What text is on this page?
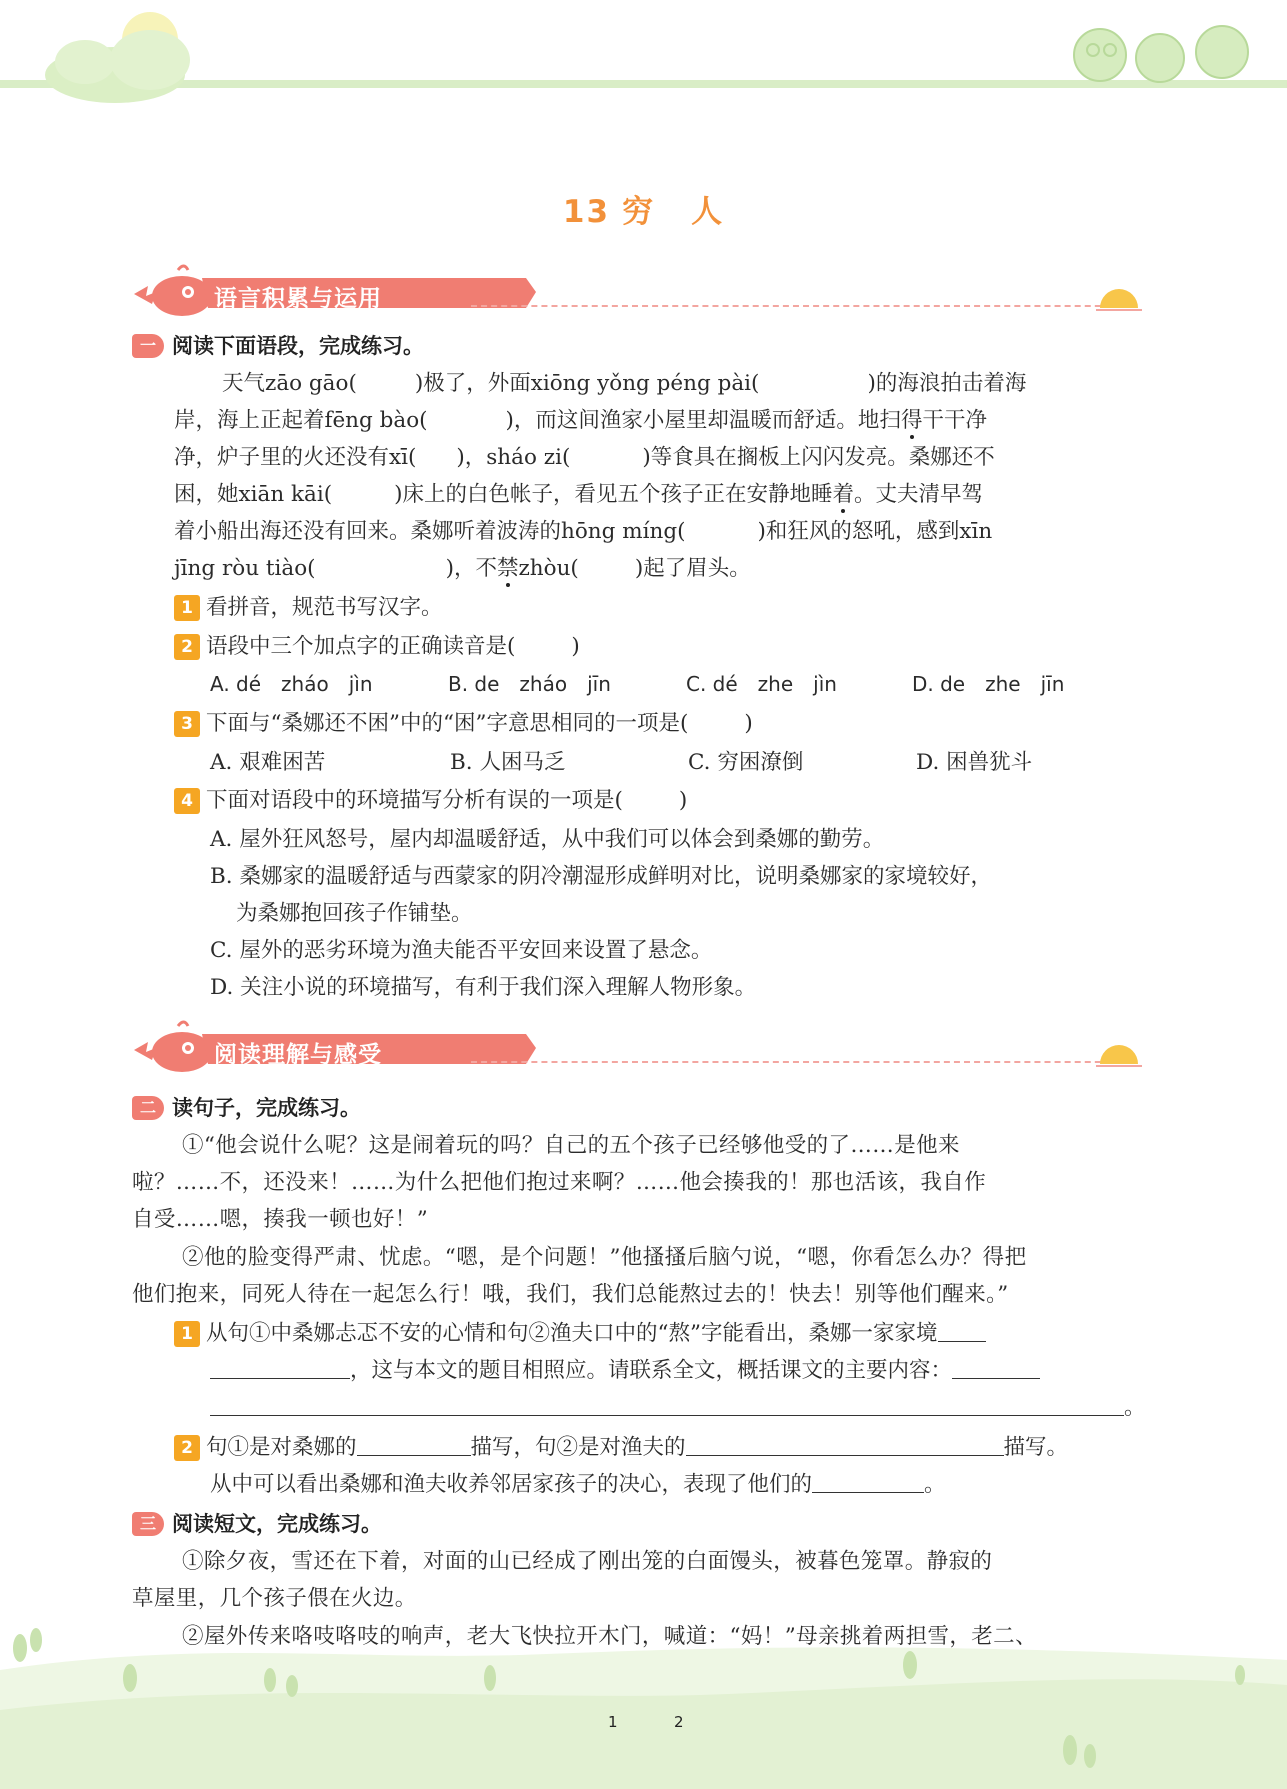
13 穷 人
语言积累与运用
一 阅读下面语段，完成练习。
天气zāo gāo(	)极了，外面xiōng yǒng péng pài(	)的海浪拍击着海
岸，海上正起着fēng bào(	)，而这间渔家小屋里却温暖而舒适。地扫得干干净
净，炉子里的火还没有xī( )，sháo zi(	)等食具在搁板上闪闪发亮。桑娜还不
困，她xiān kāi(	)床上的白色帐子，看见五个孩子正在安静地睡着。丈夫清早驾
着小船出海还没有回来。桑娜听着波涛的hōng míng(	)和狂风的怒吼，感到xīn
jīng ròu tiào(	)，不禁zhòu(	)起了眉头。
1 看拼音，规范书写汉字。
2 语段中三个加点字的正确读音是(	)
A. dé　zháo　jìn	B. de　zháo　jīn	C. dé　zhe　jìn	D. de　zhe　jīn
3 下面与“桑娜还不困”中的“困”字意思相同的一项是(	)
A. 艰难困苦	B. 人困马乏	C. 穷困潦倒	D. 困兽犹斗
4 下面对语段中的环境描写分析有误的一项是(	)
A. 屋外狂风怒号，屋内却温暖舒适，从中我们可以体会到桑娜的勤劳。
B. 桑娜家的温暖舒适与西蒙家的阴冷潮湿形成鲜明对比，说明桑娜家的家境较好，
为桑娜抱回孩子作铺垫。
C. 屋外的恶劣环境为渔夫能否平安回来设置了悬念。
D. 关注小说的环境描写，有利于我们深入理解人物形象。
阅读理解与感受
二 读句子，完成练习。
①“他会说什么呢？这是闹着玩的吗？自己的五个孩子已经够他受的了……是他来
啦？……不，还没来！……为什么把他们抱过来啊？……他会揍我的！那也活该，我自作
自受……嗯，揍我一顿也好！”
②他的脸变得严肃、忧虑。“嗯，是个问题！”他搔搔后脑勺说，“嗯，你看怎么办？得把
他们抱来，同死人待在一起怎么行！哦，我们，我们总能熬过去的！快去！别等他们醒来。”
1 从句①中桑娜忐忑不安的心情和句②渔夫口中的“熬”字能看出，桑娜一家家境
，这与本文的题目相照应。请联系全文，概括课文的主要内容：
。
2 句①是对桑娜的	描写，句②是对渔夫的	描写。
从中可以看出桑娜和渔夫收养邻居家孩子的决心，表现了他们的	。
三 阅读短文，完成练习。
①除夕夜，雪还在下着，对面的山已经成了刚出笼的白面馒头，被暮色笼罩。静寂的
草屋里，几个孩子偎在火边。
②屋外传来咯吱咯吱的响声，老大飞快拉开木门，喊道：“妈！”母亲挑着两担雪，老二、
1	2
